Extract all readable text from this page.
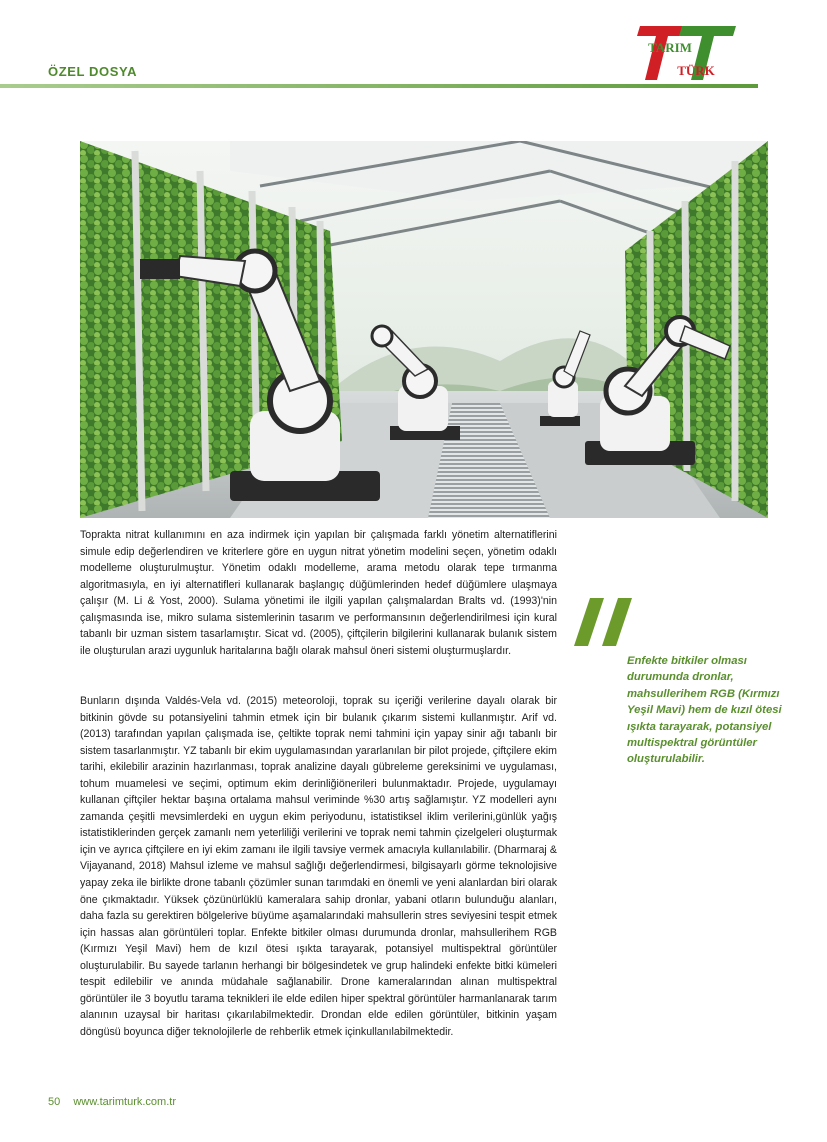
ÖZEL DOSYA
TARIM
TÜRK

Toprakta nitrat kullanımını en aza indirmek için yapılan bir çalışmada farklı yönetim alternatiflerini simule edip değerlendiren ve kriterlere göre en uygun nitrat yönetim modelini seçen, yönetim odaklı modelleme oluşturulmuştur. Yönetim odaklı modelleme, arama metodu olarak tepe tırmanma algoritmasıyla, en iyi alternatifleri kullanarak başlangıç düğümlerinden hedef düğümlere ulaşmaya çalışır (M. Li & Yost, 2000). Sulama yönetimi ile ilgili yapılan çalışmalardan Bralts vd. (1993)'nin çalışmasında ise, mikro sulama sistemlerinin tasarım ve performansının değerlendirilmesi için kural tabanlı bir uzman sistem tasarlamıştır. Sicat vd. (2005), çiftçilerin bilgilerini kullanarak bulanık sistem ile oluşturulan arazi uygunluk haritalarına bağlı olarak mahsul öneri sistemi oluşturmuşlardır.

Bunların dışında Valdés-Vela vd. (2015) meteoroloji, toprak su içeriği verilerine dayalı olarak bir bitkinin gövde su potansiyelini tahmin etmek için bir bulanık çıkarım sistemi kullanmıştır. Arif vd. (2013) tarafından yapılan çalışmada ise, çeltikte toprak nemi tahmini için yapay sinir ağı tabanlı bir sistem tasarlanmıştır. YZ tabanlı bir ekim uygulamasından yararlanılan bir pilot projede, çiftçilere ekim tarihi, ekilebilir arazinin hazırlanması, toprak analizine dayalı gübreleme gereksinimi ve uygulaması, tohum muamelesi ve seçimi, optimum ekim derinliğiönerileri bulunmaktadır. Projede, uygulamayı kullanan çiftçiler hektar başına ortalama mahsul veriminde %30 artış sağlamıştır. YZ modelleri aynı zamanda çeşitli mevsimlerdeki en uygun ekim periyodunu, istatistiksel iklim verilerini,günlük yağış istatistiklerinden gerçek zamanlı nem yeterliliği verilerini ve toprak nemi tahmin çizelgeleri oluşturmak için ve ayrıca çiftçilere en iyi ekim zamanı ile ilgili tavsiye vermek amacıyla kullanılabilir. (Dharmaraj & Vijayanand, 2018) Mahsul izleme ve mahsul sağlığı değerlendirmesi, bilgisayarlı görme teknolojisive yapay zeka ile birlikte drone tabanlı çözümler sunan tarımdaki en önemli ve yeni alanlardan biri olarak öne çıkmaktadır. Yüksek çözünürlüklü kameralara sahip dronlar, yabani otların bulunduğu alanları, daha fazla su gerektiren bölgelerive büyüme aşamalarındaki mahsullerin stres seviyesini tespit etmek için hassas alan görüntüleri toplar. Enfekte bitkiler olması durumunda dronlar, mahsullerihem RGB (Kırmızı Yeşil Mavi) hem de kızıl ötesi ışıkta tarayarak, potansiyel multispektral görüntüler oluşturulabilir. Bu sayede tarlanın herhangi bir bölgesindetek ve grup halindeki enfekte bitki kümeleri tespit edilebilir ve anında müdahale sağlanabilir. Drone kameralarından alınan multispektral görüntüler ile 3 boyutlu tarama teknikleri ile elde edilen hiper spektral görüntüler harmanlanarak tarım alanının uzaysal bir haritası çıkarılabilmektedir. Drondan elde edilen görüntüler, bitkinin yaşam döngüsü boyunca diğer teknolojilerle de rehberlik etmek içinkullanılabilmektedir.

Enfekte bitkiler olması durumunda dronlar, mahsullerihem RGB (Kırmızı Yeşil Mavi) hem de kızıl ötesi ışıkta tarayarak, potansiyel multispektral görüntüler oluşturulabilir.
50 www.tarimturk.com.tr
